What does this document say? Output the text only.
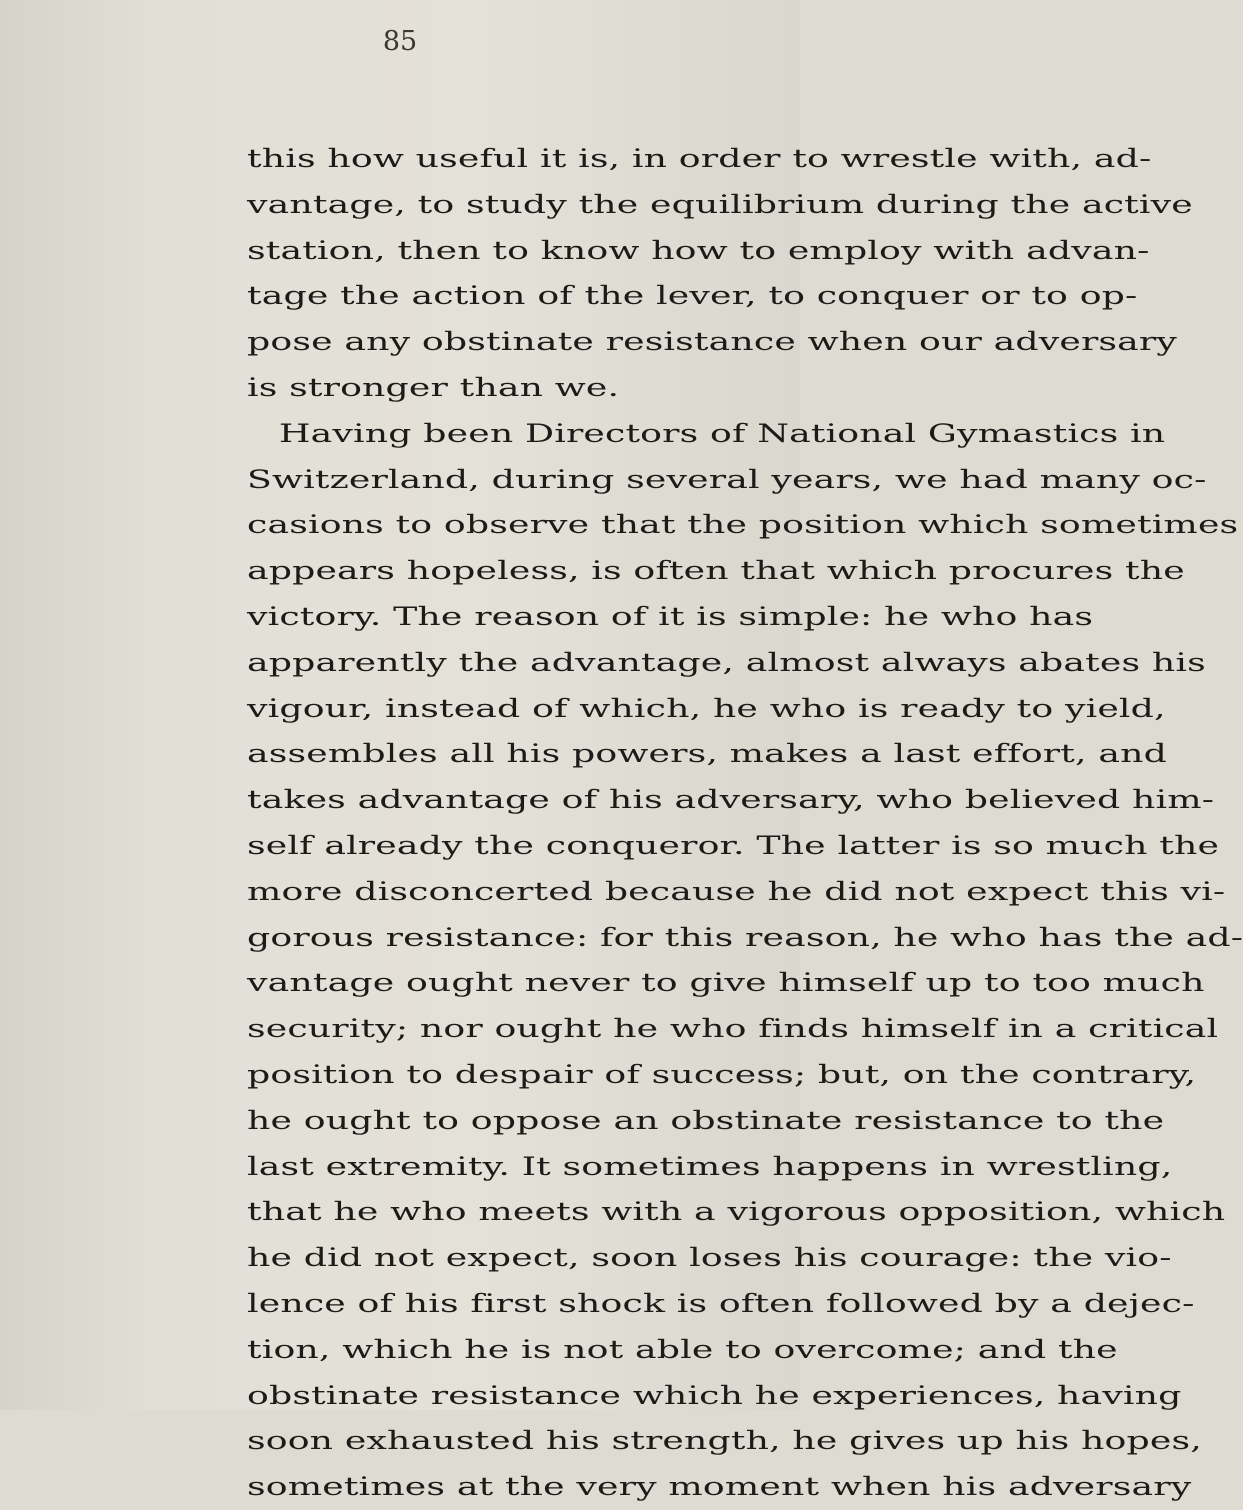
85
this how useful it is, in order to wrestle with, ad-
vantage, to study the equilibrium during the active
station, then to know how to employ with advan-
tage the action of the lever, to conquer or to op-
pose any obstinate resistance when our adversary
is stronger than we.
Having been Directors of National Gymastics in
Switzerland, during several years, we had many oc-
casions to observe that the position which sometimes
appears hopeless, is often that which procures the
victory. The reason of it is simple: he who has
apparently the advantage, almost always abates his
vigour, instead of which, he who is ready to yield,
assembles all his powers, makes a last effort, and
takes advantage of his adversary, who believed him-
self already the conqueror. The latter is so much the
more disconcerted because he did not expect this vi-
gorous resistance: for this reason, he who has the ad-
vantage ought never to give himself up to too much
security; nor ought he who finds himself in a critical
position to despair of success; but, on the contrary,
he ought to oppose an obstinate resistance to the
last extremity. It sometimes happens in wrestling,
that he who meets with a vigorous opposition, which
he did not expect, soon loses his courage: the vio-
lence of his first shock is often followed by a dejec-
tion, which he is not able to overcome; and the
obstinate resistance which he experiences, having
soon exhausted his strength, he gives up his hopes,
sometimes at the very moment when his adversary
